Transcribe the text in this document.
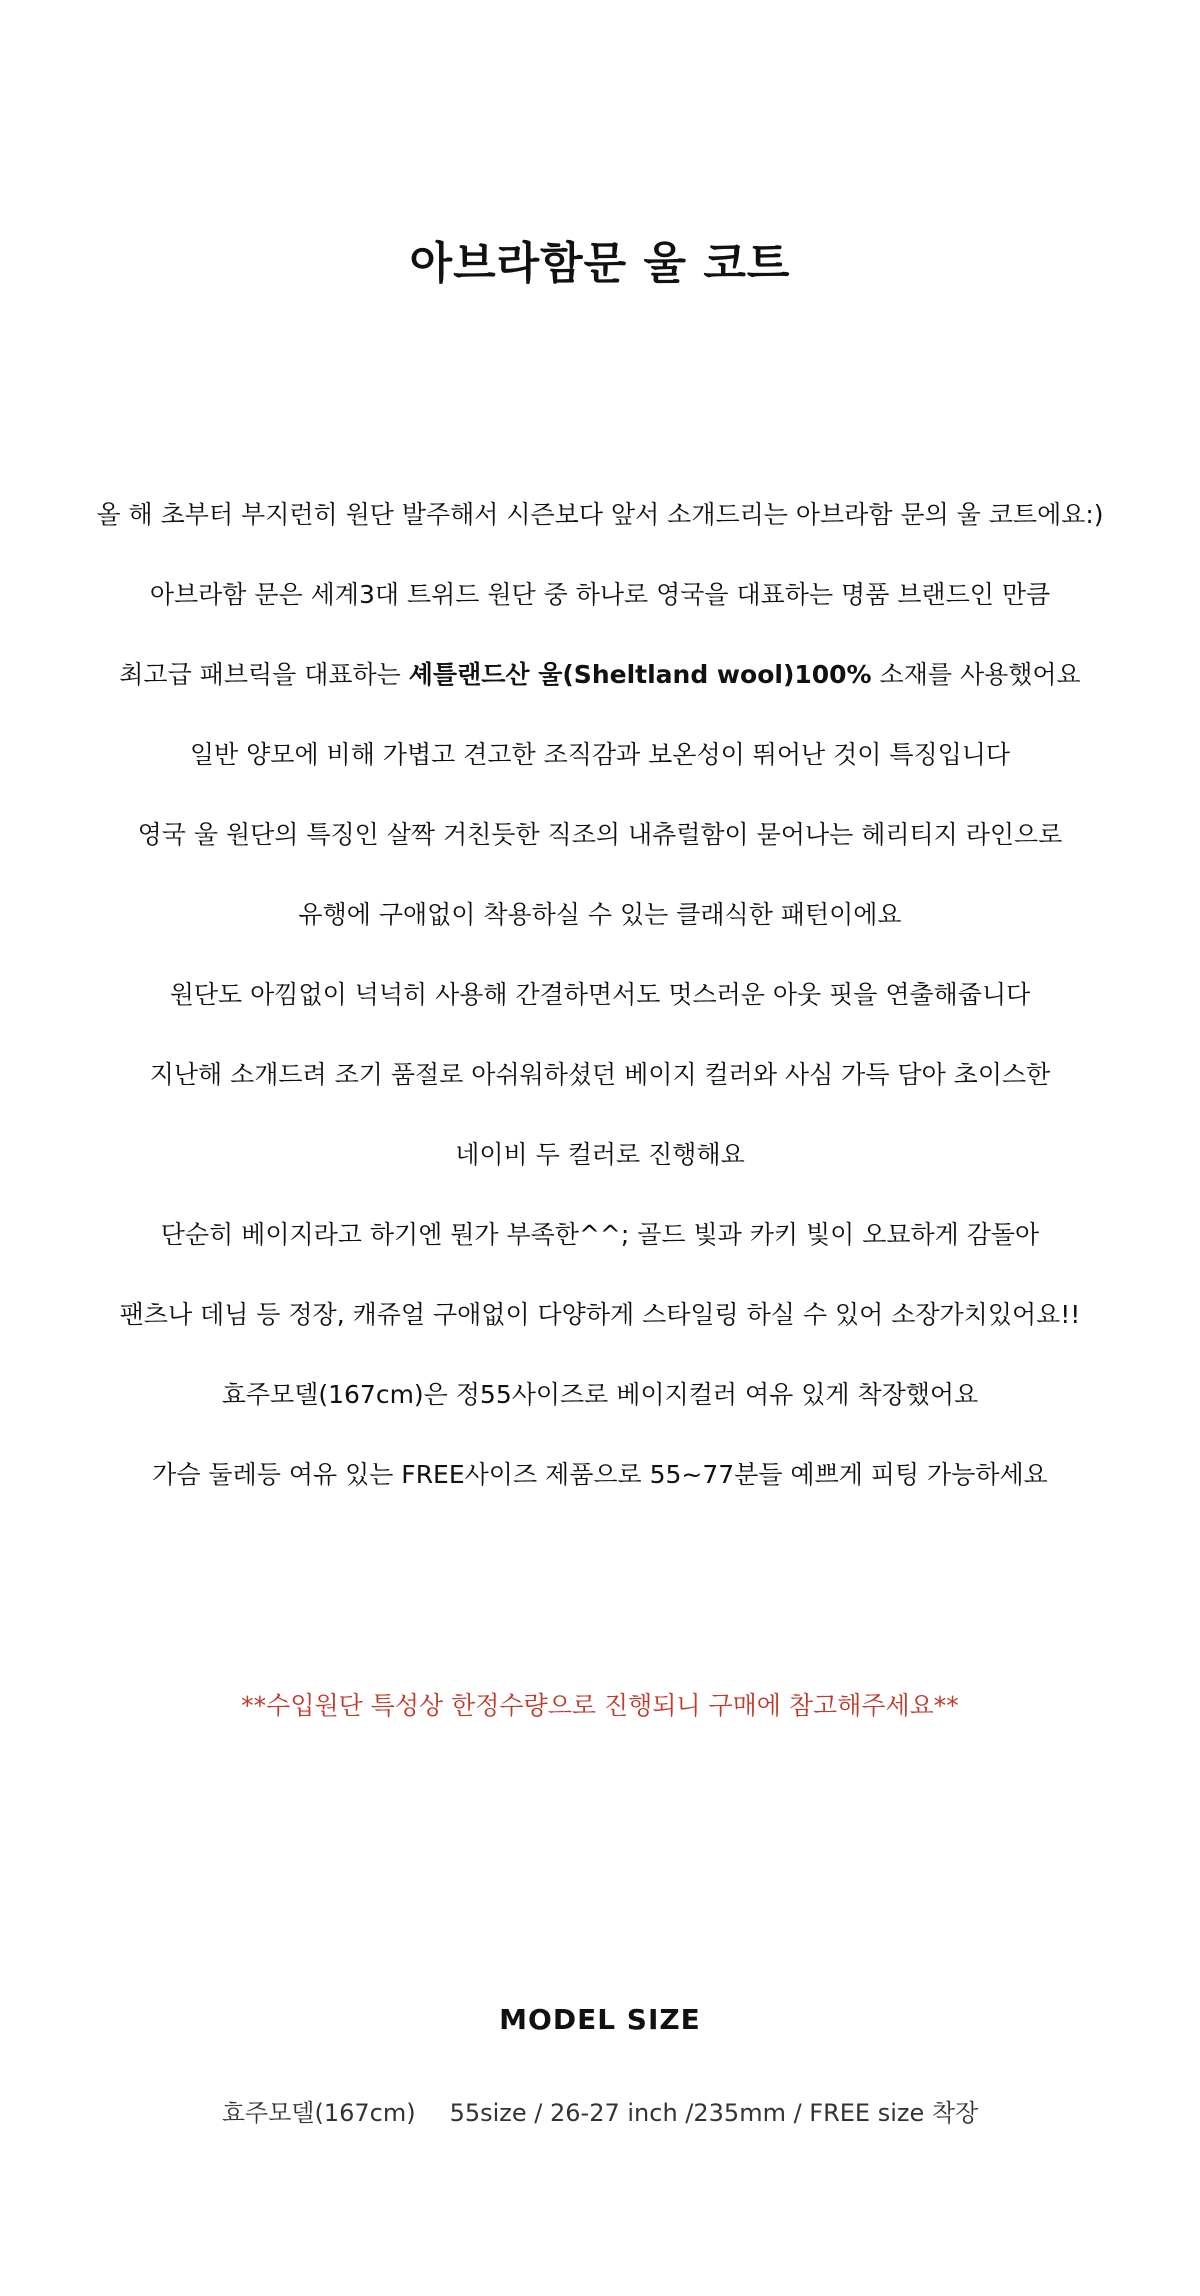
아브라함문 울 코트
올 해 초부터 부지런히 원단 발주해서 시즌보다 앞서 소개드리는 아브라함 문의 울 코트에요:)
아브라함 문은 세계3대 트위드 원단 중 하나로 영국을 대표하는 명품 브랜드인 만큼
최고급 패브릭을 대표하는 셰틀랜드산 울(Sheltland wool)100% 소재를 사용했어요
일반 양모에 비해 가볍고 견고한 조직감과 보온성이 뛰어난 것이 특징입니다
영국 울 원단의 특징인 살짝 거친듯한 직조의 내츄럴함이 묻어나는 헤리티지 라인으로
유행에 구애없이 착용하실 수 있는 클래식한 패턴이에요
원단도 아낌없이 넉넉히 사용해 간결하면서도 멋스러운 아웃 핏을 연출해줍니다
지난해 소개드려 조기 품절로 아쉬워하셨던 베이지 컬러와 사심 가득 담아 초이스한
네이비 두 컬러로 진행해요
단순히 베이지라고 하기엔 뭔가 부족한^^; 골드 빛과 카키 빛이 오묘하게 감돌아
팬츠나 데님 등 정장, 캐쥬얼 구애없이 다양하게 스타일링 하실 수 있어 소장가치있어요!!
효주모델(167cm)은 정55사이즈로 베이지컬러 여유 있게 착장했어요
가슴 둘레등 여유 있는 FREE사이즈 제품으로 55~77분들 예쁘게 피팅 가능하세요
**수입원단 특성상 한정수량으로 진행되니 구매에 참고해주세요**
MODEL SIZE
효주모델(167cm) 55size / 26-27 inch /235mm / FREE size 착장
